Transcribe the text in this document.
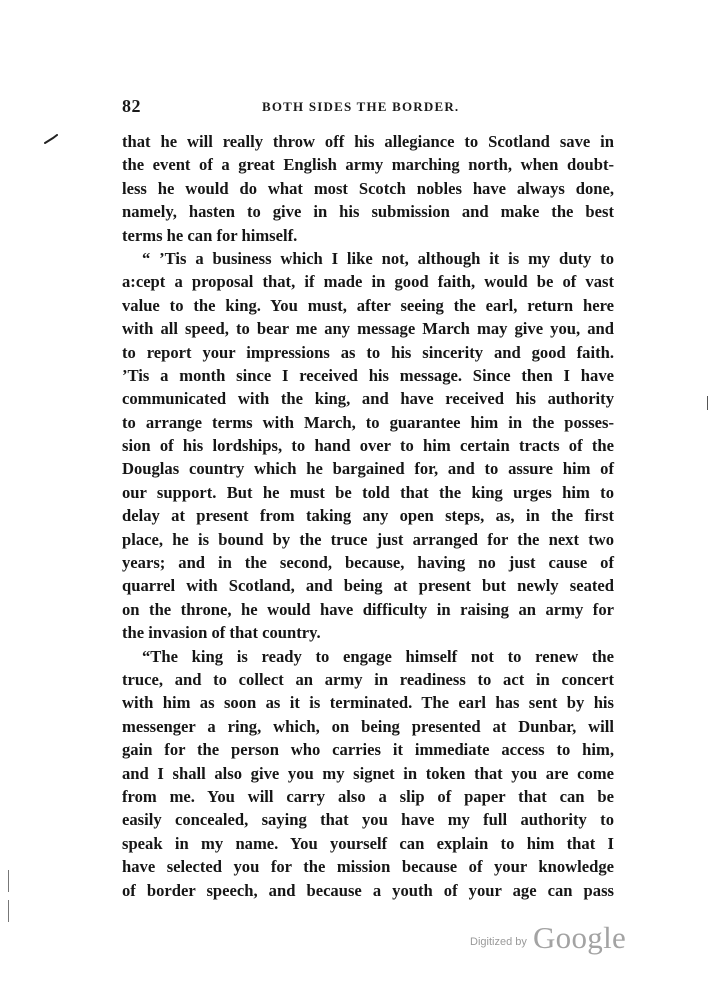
82	BOTH SIDES THE BORDER.
that he will really throw off his allegiance to Scotland save in
the event of a great English army marching north, when doubt-
less he would do what most Scotch nobles have always done,
namely, hasten to give in his submission and make the best
terms he can for himself.
“ ’Tis a business which I like not, although it is my duty to
a:cept a proposal that, if made in good faith, would be of vast
value to the king. You must, after seeing the earl, return here
with all speed, to bear me any message March may give you, and
to report your impressions as to his sincerity and good faith.
’Tis a month since I received his message. Since then I have
communicated with the king, and have received his authority
to arrange terms with March, to guarantee him in the posses-
sion of his lordships, to hand over to him certain tracts of the
Douglas country which he bargained for, and to assure him of
our support. But he must be told that the king urges him to
delay at present from taking any open steps, as, in the first
place, he is bound by the truce just arranged for the next two
years; and in the second, because, having no just cause of
quarrel with Scotland, and being at present but newly seated
on the throne, he would have difficulty in raising an army for
the invasion of that country.
“The king is ready to engage himself not to renew the
truce, and to collect an army in readiness to act in concert
with him as soon as it is terminated. The earl has sent by his
messenger a ring, which, on being presented at Dunbar, will
gain for the person who carries it immediate access to him,
and I shall also give you my signet in token that you are come
from me. You will carry also a slip of paper that can be
easily concealed, saying that you have my full authority to
speak in my name. You yourself can explain to him that I
have selected you for the mission because of your knowledge
of border speech, and because a youth of your age can pass
Digitized by Google
